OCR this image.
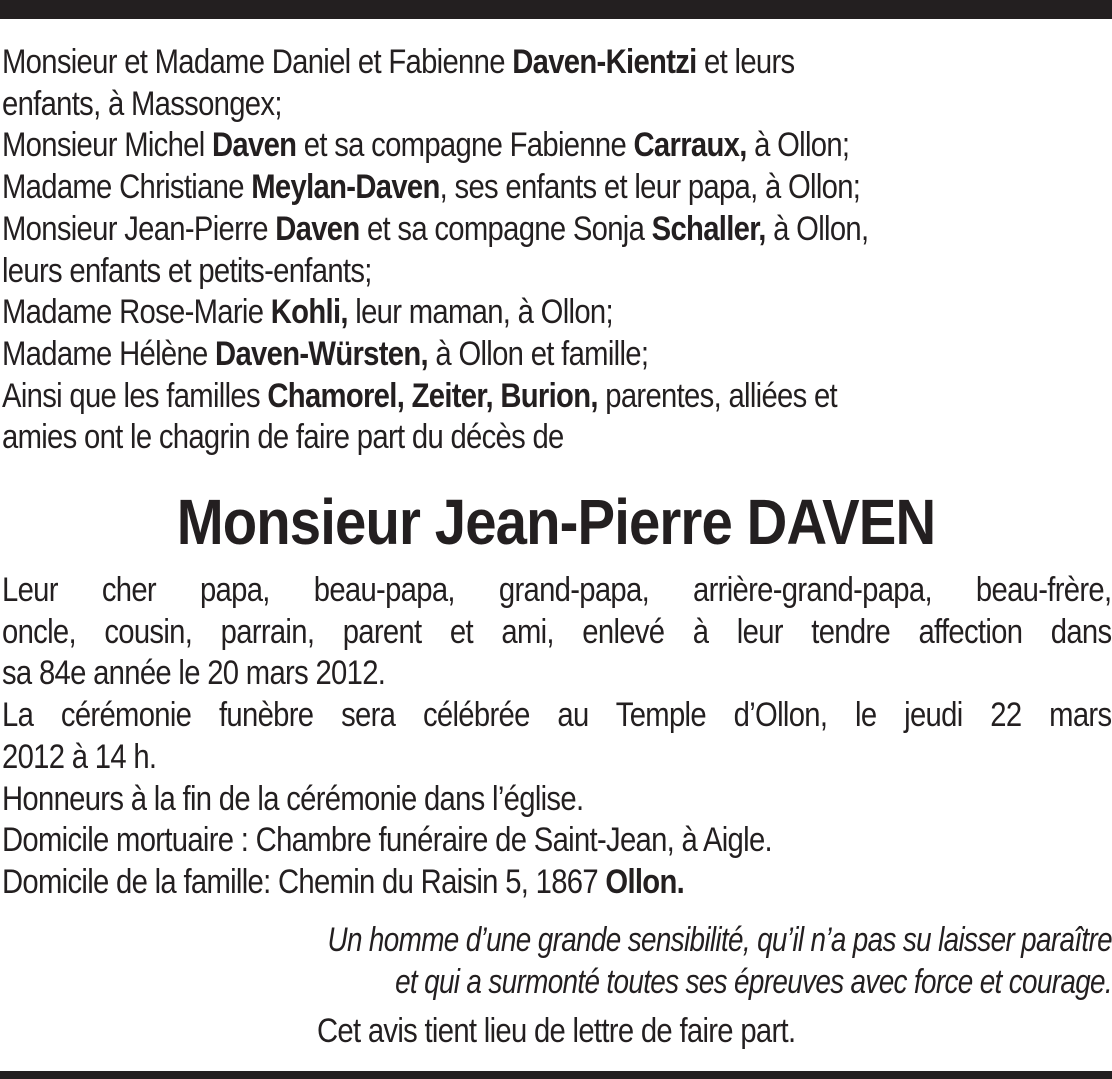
Monsieur et Madame Daniel et Fabienne Daven-Kientzi et leurs
enfants, à Massongex;
Monsieur Michel Daven et sa compagne Fabienne Carraux, à Ollon;
Madame Christiane Meylan-Daven, ses enfants et leur papa, à Ollon;
Monsieur Jean-Pierre Daven et sa compagne Sonja Schaller, à Ollon,
leurs enfants et petits-enfants;
Madame Rose-Marie Kohli, leur maman, à Ollon;
Madame Hélène Daven-Würsten, à Ollon et famille;
Ainsi que les familles Chamorel, Zeiter, Burion, parentes, alliées et
amies ont le chagrin de faire part du décès de
Monsieur Jean-Pierre DAVEN
Leur cher papa, beau-papa, grand-papa, arrière-grand-papa, beau-frère,
oncle, cousin, parrain, parent et ami, enlevé à leur tendre affection dans
sa 84e année le 20 mars 2012.
La cérémonie funèbre sera célébrée au Temple d’Ollon, le jeudi 22 mars
2012 à 14 h.
Honneurs à la fin de la cérémonie dans l’église.
Domicile mortuaire : Chambre funéraire de Saint-Jean, à Aigle.
Domicile de la famille: Chemin du Raisin 5, 1867 Ollon.
Un homme d’une grande sensibilité, qu’il n’a pas su laisser paraître
et qui a surmonté toutes ses épreuves avec force et courage.
Cet avis tient lieu de lettre de faire part.
